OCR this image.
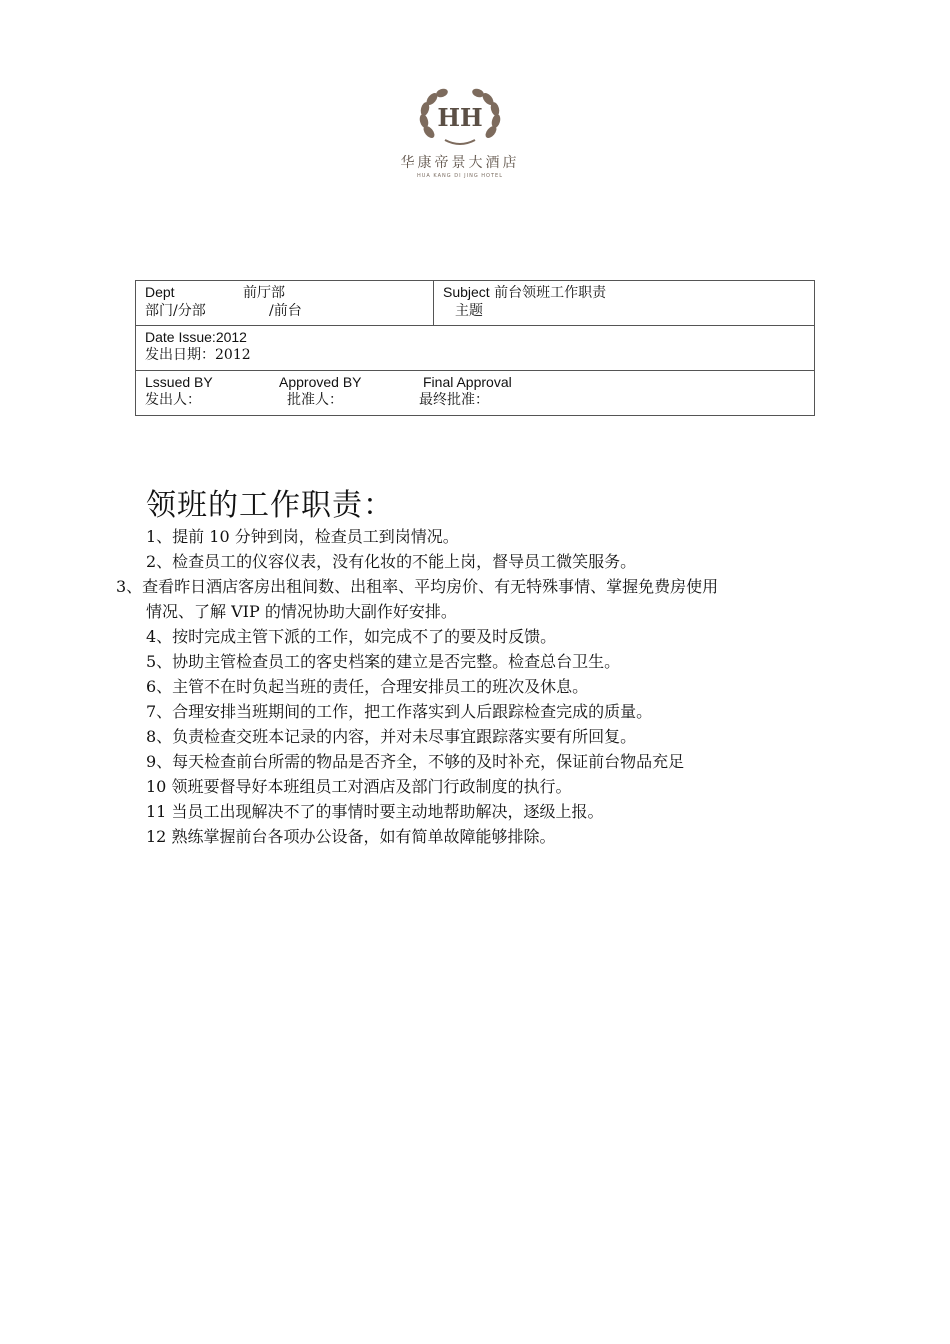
HH
华康帝景大酒店
HUA KANG DI JING HOTEL
Dept	前厅部
部门/分部	/前台

Subject 前台领班工作职责
主题

Date Issue:2012
发出日期：2012

Lssued BY	Approved BY	Final Approval
发出人：	批准人：	最终批准：
领班的工作职责：
1、提前 10 分钟到岗，检查员工到岗情况。
2、检查员工的仪容仪表，没有化妆的不能上岗，督导员工微笑服务。
3、查看昨日酒店客房出租间数、出租率、平均房价、有无特殊事情、掌握免费房使用
情况、了解 VIP 的情况协助大副作好安排。
4、按时完成主管下派的工作，如完成不了的要及时反馈。
5、协助主管检查员工的客史档案的建立是否完整。检查总台卫生。
6、主管不在时负起当班的责任，合理安排员工的班次及休息。
7、合理安排当班期间的工作，把工作落实到人后跟踪检查完成的质量。
8、负责检查交班本记录的内容，并对未尽事宜跟踪落实要有所回复。
9、每天检查前台所需的物品是否齐全，不够的及时补充，保证前台物品充足
10 领班要督导好本班组员工对酒店及部门行政制度的执行。
11 当员工出现解决不了的事情时要主动地帮助解决，逐级上报。
12 熟练掌握前台各项办公设备，如有简单故障能够排除。
